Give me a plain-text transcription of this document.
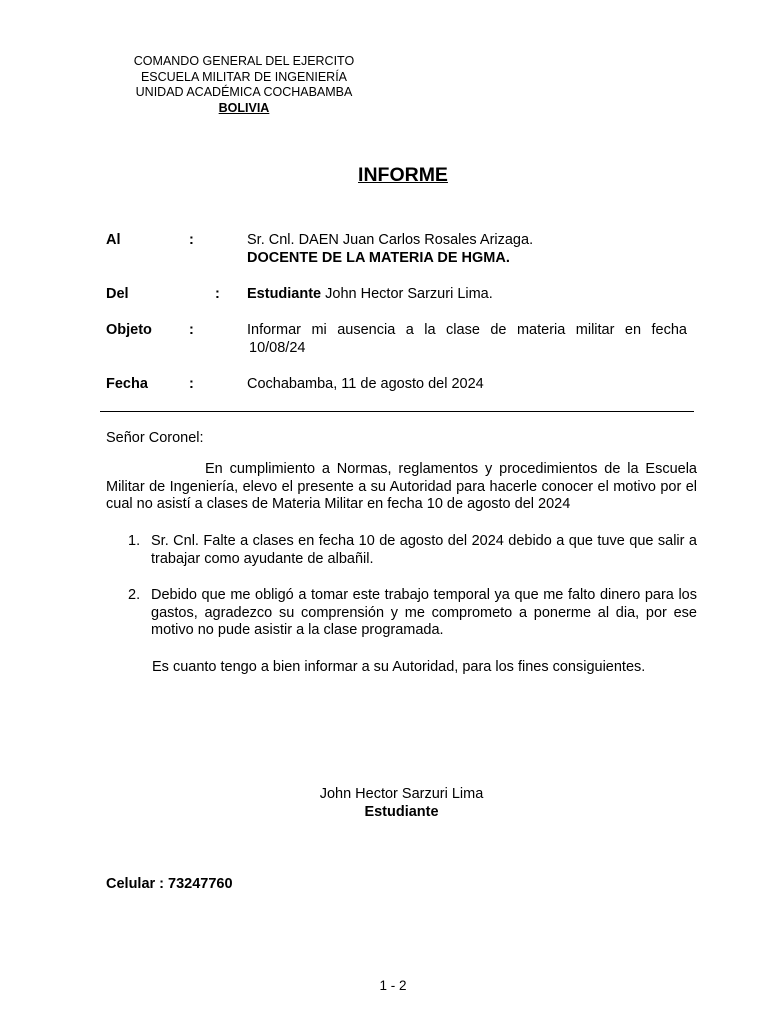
COMANDO GENERAL DEL EJERCITO
ESCUELA MILITAR DE INGENIERÍA
UNIDAD ACADÉMICA COCHABAMBA
BOLIVIA
INFORME
Al	:	Sr. Cnl. DAEN Juan Carlos Rosales Arizaga.
DOCENTE DE LA MATERIA DE HGMA.
Del	: Estudiante John Hector Sarzuri Lima.
Objeto	:	Informar mi ausencia a la clase de materia militar en fecha
10/08/24
Fecha	:	Cochabamba, 11 de agosto del 2024
Señor Coronel:
En cumplimiento a Normas, reglamentos y procedimientos de la Escuela Militar de Ingeniería, elevo el presente a su Autoridad para hacerle conocer el motivo por el cual no asistí a clases de Materia Militar en fecha 10 de agosto del 2024
1. Sr. Cnl. Falte a clases en fecha 10 de agosto del 2024 debido a que tuve que salir a trabajar como ayudante de albañil.
2. Debido que me obligó a tomar este trabajo temporal ya que me falto dinero para los gastos, agradezco su comprensión y me comprometo a ponerme al dia, por ese motivo no pude asistir a la clase programada.
Es cuanto tengo a bien informar a su Autoridad, para los fines consiguientes.
John Hector Sarzuri Lima
Estudiante
Celular : 73247760
1 - 2
